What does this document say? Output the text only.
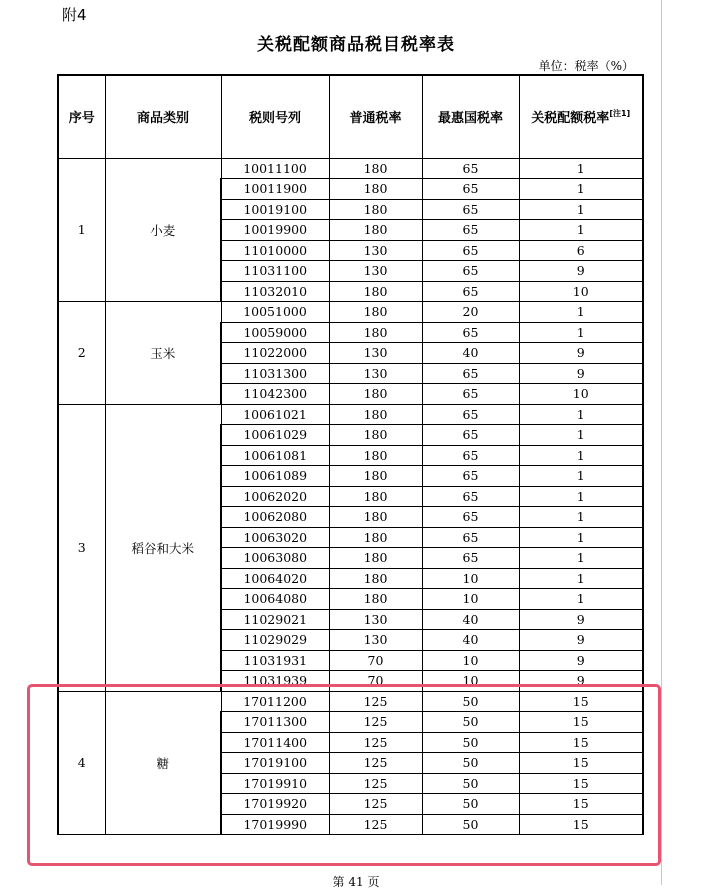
附4
关税配额商品税目税率表
单位：税率（%）
序号	商品类别	税则号列	普通税率	最惠国税率	关税配额税率[注1]
1	小麦	10011100	180	65	1
		10011900	180	65	1
		10019100	180	65	1
		10019900	180	65	1
		11010000	130	65	6
		11031100	130	65	9
		11032010	180	65	10
2	玉米	10051000	180	20	1
		10059000	180	65	1
		11022000	130	40	9
		11031300	130	65	9
		11042300	180	65	10
3	稻谷和大米	10061021	180	65	1
		10061029	180	65	1
		10061081	180	65	1
		10061089	180	65	1
		10062020	180	65	1
		10062080	180	65	1
		10063020	180	65	1
		10063080	180	65	1
		10064020	180	10	1
		10064080	180	10	1
		11029021	130	40	9
		11029029	130	40	9
		11031931	70	10	9
		11031939	70	10	9
4	糖	17011200	125	50	15
		17011300	125	50	15
		17011400	125	50	15
		17019100	125	50	15
		17019910	125	50	15
		17019920	125	50	15
		17019990	125	50	15
第 41 页
